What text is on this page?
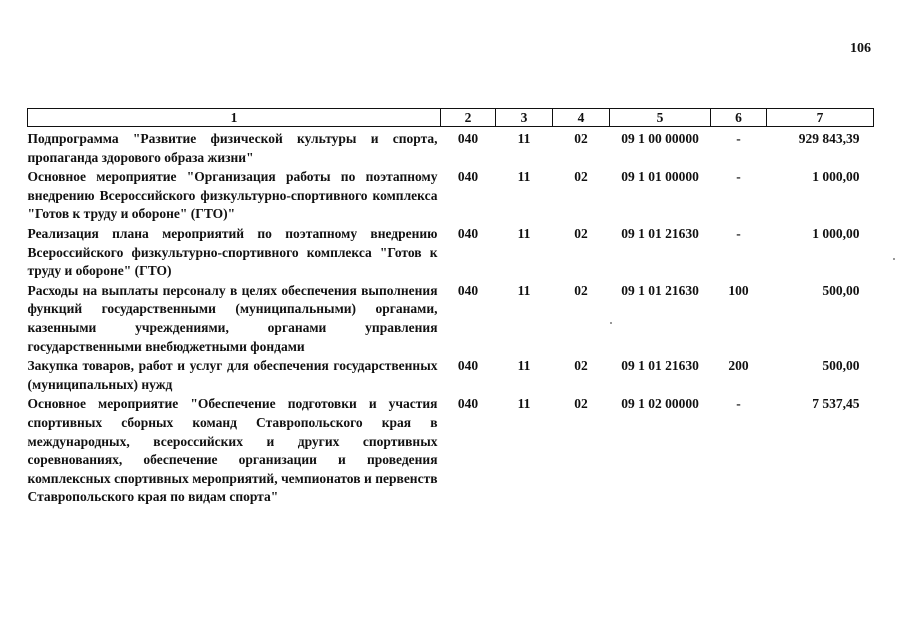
106
1	2	3	4	5	6	7
Подпрограмма "Развитие физической культуры и спорта, пропаганда здорового образа жизни"	040	11	02	09 1 00 00000	-	929 843,39
Основное мероприятие "Организация работы по поэтапному внедрению Всероссийского физкультурно-спортивного комплекса "Готов к труду и обороне" (ГТО)"	040	11	02	09 1 01 00000	-	1 000,00
Реализация плана мероприятий по поэтапному внедрению Всероссийского физкультурно-спортивного комплекса "Готов к труду и обороне" (ГТО)	040	11	02	09 1 01 21630	-	1 000,00
Расходы на выплаты персоналу в целях обеспечения выполнения функций государственными (муниципальными) органами, казенными учреждениями, органами управления государственными внебюджетными фондами	040	11	02	09 1 01 21630	100	500,00
Закупка товаров, работ и услуг для обеспечения государственных (муниципальных) нужд	040	11	02	09 1 01 21630	200	500,00
Основное мероприятие "Обеспечение подготовки и участия спортивных сборных команд Ставропольского края в международных, всероссийских и других спортивных соревнованиях, обеспечение организации и проведения комплексных спортивных мероприятий, чемпионатов и первенств Ставропольского края по видам спорта"	040	11	02	09 1 02 00000	-	7 537,45
